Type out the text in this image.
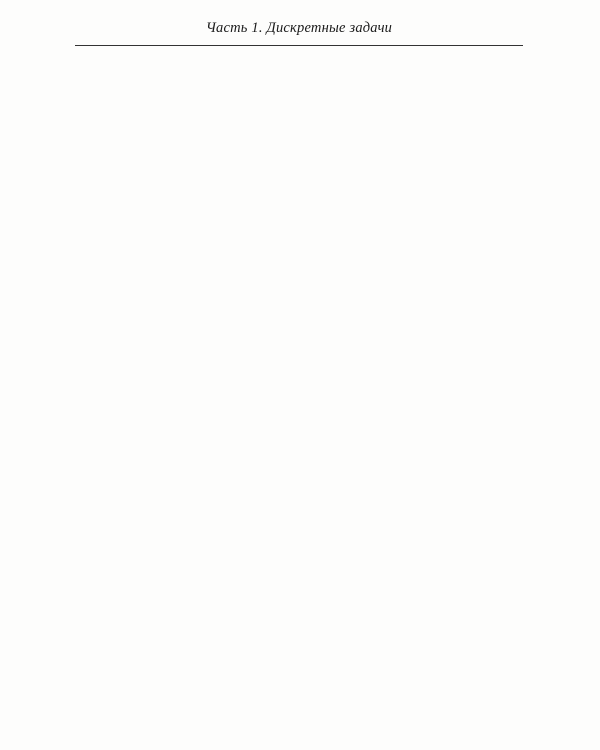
Часть 1. Дискретные задачи
